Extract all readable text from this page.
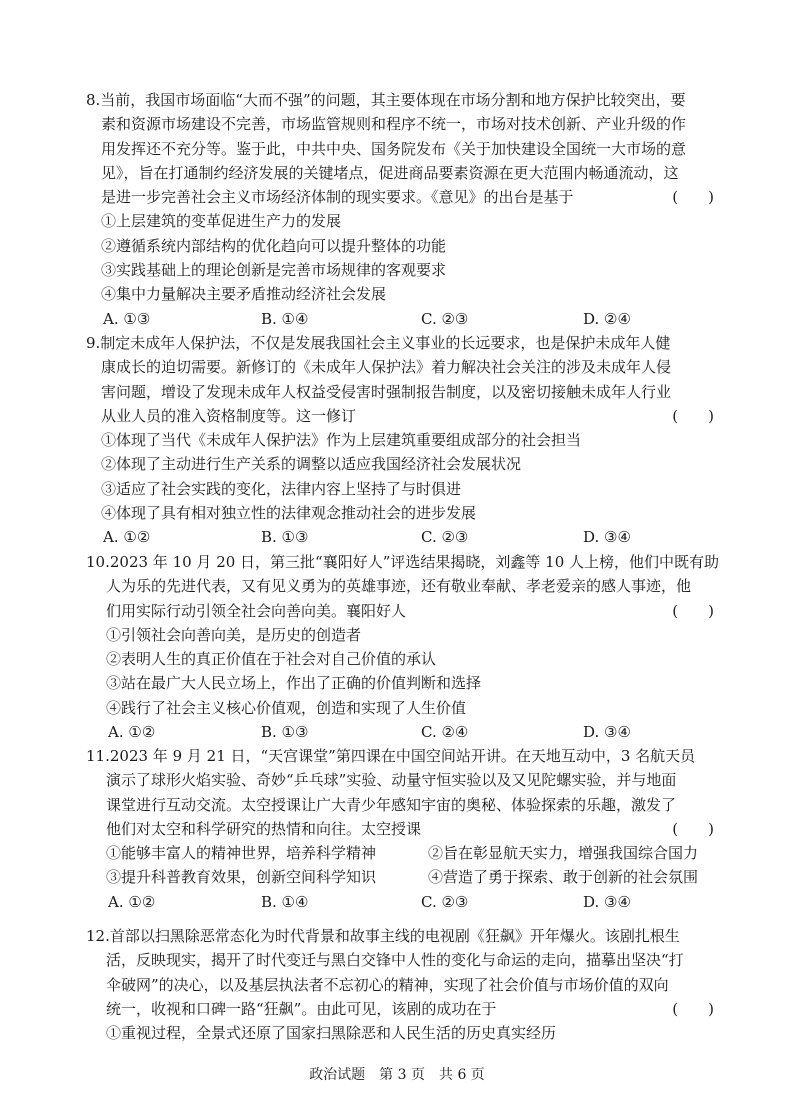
8.当前，我国市场面临“大而不强”的问题，其主要体现在市场分割和地方保护比较突出，要
素和资源市场建设不完善，市场监管规则和程序不统一，市场对技术创新、产业升级的作
用发挥还不充分等。鉴于此，中共中央、国务院发布《关于加快建设全国统一大市场的意
见》，旨在打通制约经济发展的关键堵点，促进商品要素资源在更大范围内畅通流动，这
是进一步完善社会主义市场经济体制的现实要求。《意见》的出台是基于	(　　)
①上层建筑的变革促进生产力的发展
②遵循系统内部结构的优化趋向可以提升整体的功能
③实践基础上的理论创新是完善市场规律的客观要求
④集中力量解决主要矛盾推动经济社会发展
A. ①③	B. ①④	C. ②③	D. ②④
9.制定未成年人保护法，不仅是发展我国社会主义事业的长远要求，也是保护未成年人健
康成长的迫切需要。新修订的《未成年人保护法》着力解决社会关注的涉及未成年人侵
害问题，增设了发现未成年人权益受侵害时强制报告制度，以及密切接触未成年人行业
从业人员的准入资格制度等。这一修订	(　　)
①体现了当代《未成年人保护法》作为上层建筑重要组成部分的社会担当
②体现了主动进行生产关系的调整以适应我国经济社会发展状况
③适应了社会实践的变化，法律内容上坚持了与时俱进
④体现了具有相对独立性的法律观念推动社会的进步发展
A. ①②	B. ①③	C. ②③	D. ③④
10.2023 年 10 月 20 日，第三批“襄阳好人”评选结果揭晓，刘鑫等 10 人上榜，他们中既有助
人为乐的先进代表，又有见义勇为的英雄事迹，还有敬业奉献、孝老爱亲的感人事迹，他
们用实际行动引领全社会向善向美。襄阳好人	(　　)
①引领社会向善向美，是历史的创造者
②表明人生的真正价值在于社会对自己价值的承认
③站在最广大人民立场上，作出了正确的价值判断和选择
④践行了社会主义核心价值观，创造和实现了人生价值
A. ①②	B. ①③	C. ②④	D. ③④
11.2023 年 9 月 21 日，“天宫课堂”第四课在中国空间站开讲。在天地互动中，3 名航天员
演示了球形火焰实验、奇妙“乒乓球”实验、动量守恒实验以及又见陀螺实验，并与地面
课堂进行互动交流。太空授课让广大青少年感知宇宙的奥秘、体验探索的乐趣，激发了
他们对太空和科学研究的热情和向往。太空授课	(　　)
①能够丰富人的精神世界，培养科学精神	②旨在彰显航天实力，增强我国综合国力
③提升科普教育效果，创新空间科学知识	④营造了勇于探索、敢于创新的社会氛围
A. ①②	B. ①④	C. ②③	D. ③④
12.首部以扫黑除恶常态化为时代背景和故事主线的电视剧《狂飙》开年爆火。该剧扎根生
活，反映现实，揭开了时代变迁与黑白交锋中人性的变化与命运的走向，描摹出坚决“打
伞破网”的决心，以及基层执法者不忘初心的精神，实现了社会价值与市场价值的双向
统一，收视和口碑一路“狂飙”。由此可见，该剧的成功在于	(　　)
①重视过程，全景式还原了国家扫黑除恶和人民生活的历史真实经历
政治试题　第 3 页　共 6 页
